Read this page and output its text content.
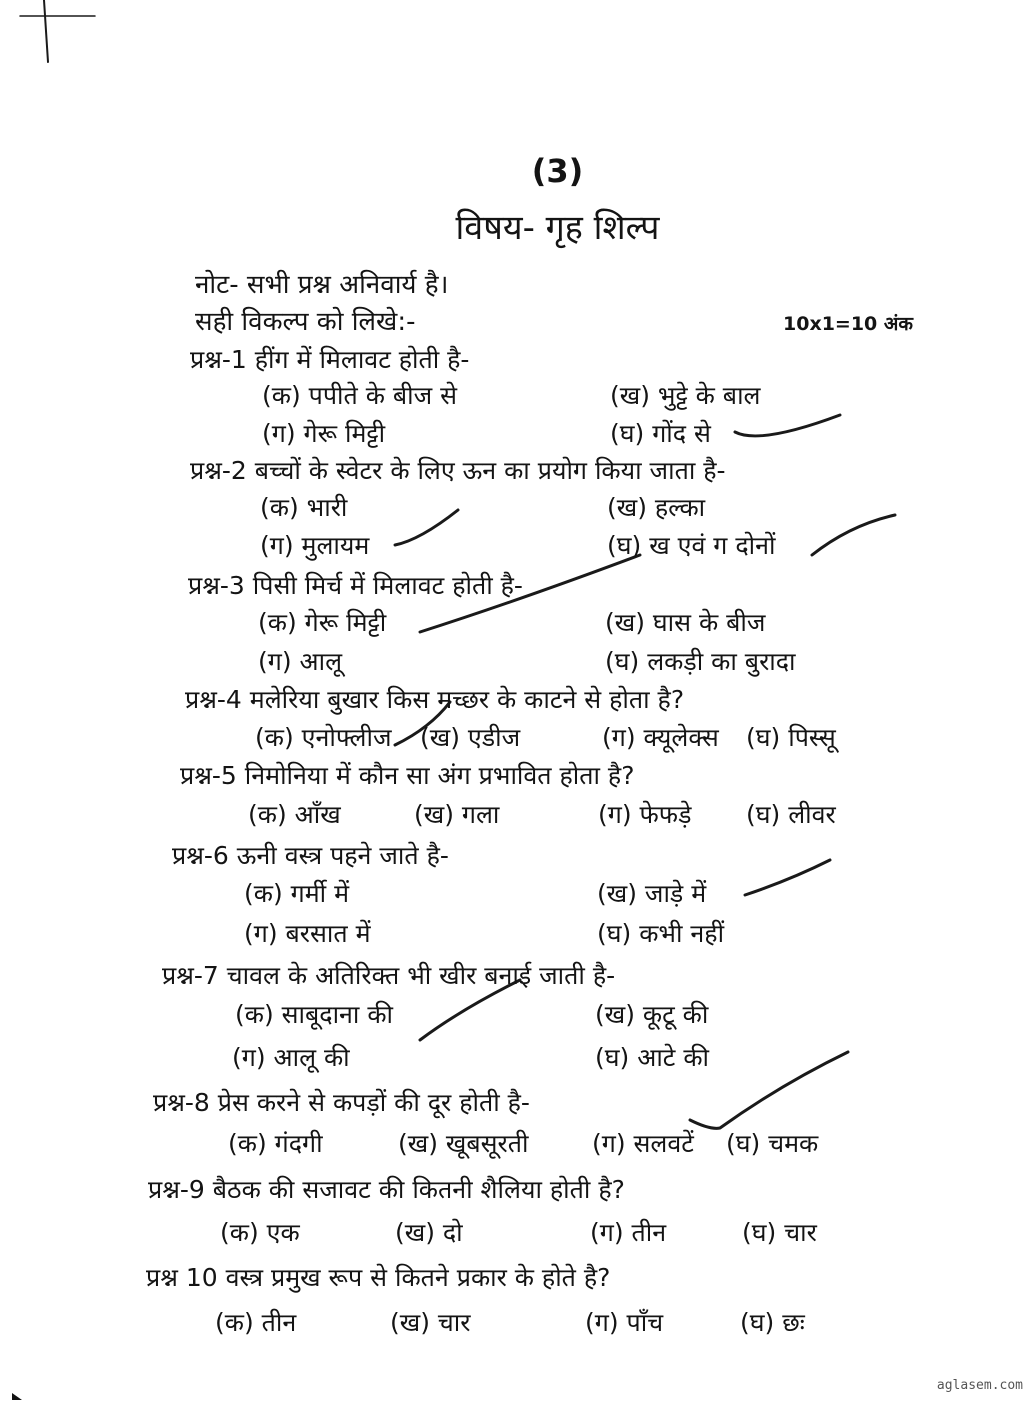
(3)
विषय- गृह शिल्प
नोट- सभी प्रश्न अनिवार्य है।
सही विकल्प को लिखे:-	10x1=10 अंक
प्रश्न-1 हींग में मिलावट होती है-
(क) पपीते के बीज से	(ख) भुट्टे के बाल
(ग) गेरू मिट्टी	(घ) गोंद से
प्रश्न-2 बच्चों के स्वेटर के लिए ऊन का प्रयोग किया जाता है-
(क) भारी	(ख) हल्का
(ग) मुलायम	(घ) ख एवं ग दोनों
प्रश्न-3 पिसी मिर्च में मिलावट होती है-
(क) गेरू मिट्टी	(ख) घास के बीज
(ग) आलू	(घ) लकड़ी का बुरादा
प्रश्न-4 मलेरिया बुखार किस मच्छर के काटने से होता है?
(क) एनोफ्लीज (ख) एडीज	(ग) क्यूलेक्स (घ) पिस्सू
प्रश्न-5 निमोनिया में कौन सा अंग प्रभावित होता है?
(क) आँख	(ख) गला	(ग) फेफड़े (घ) लीवर
प्रश्न-6 ऊनी वस्त्र पहने जाते है-
(क) गर्मी में	(ख) जाड़े में
(ग) बरसात में	(घ) कभी नहीं
प्रश्न-7 चावल के अतिरिक्त भी खीर बनाई जाती है-
(क) साबूदाना की	(ख) कूटू की
(ग) आलू की	(घ) आटे की
प्रश्न-8 प्रेस करने से कपड़ों की दूर होती है-
(क) गंदगी	(ख) खूबसूरती	(ग) सलवटें (घ) चमक
प्रश्न-9 बैठक की सजावट की कितनी शैलिया होती है?
(क) एक	(ख) दो	(ग) तीन	(घ) चार
प्रश्न 10 वस्त्र प्रमुख रूप से कितने प्रकार के होते है?
(क) तीन	(ख) चार	(ग) पाँच	(घ) छः
aglasem.com
